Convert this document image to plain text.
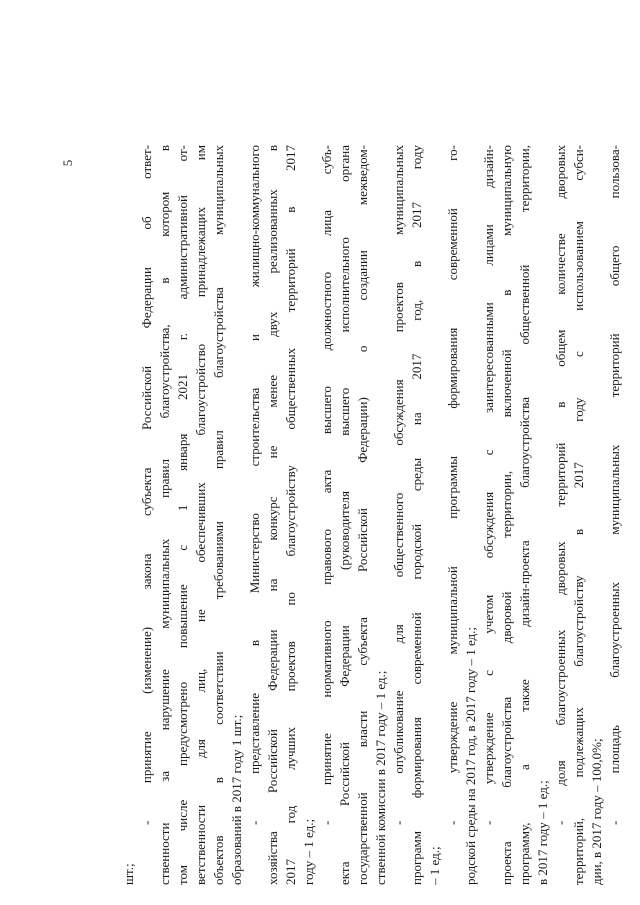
5
шт.;
- принятие (изменение) закона субъекта Российской Федерации об ответ- ственности за нарушение муниципальных правил благоустройства, в котором в том числе предусмотрено повышение с 1 января 2021 г. административной от- ветственности для лиц, не обеспечивших благоустройство принадлежащих им объектов в соответствии требованиями правил благоустройства муниципальных образований в 2017 году 1 шт.; - представление в Министерство строительства и жилищно-коммунального хозяйства Российской Федерации на конкурс не менее двух реализованных в 2017 год лучших проектов по благоустройству общественных территорий в 2017 году – 1 ед.;
- принятие нормативного правового акта высшего должностного лица субъ- екта Российской Федерации (руководителя высшего исполнительного органа государственной власти субъекта Российской Федерации) о создании межведом- ственной комиссии в 2017 году – 1 ед.; - опубликование для общественного обсуждения проектов муниципальных программ формирования современной городской среды на 2017 год, в 2017 году – 1 ед.;
- утверждение муниципальной программы формирования современной го- родской среды на 2017 год, в 2017 году – 1 ед.; - утверждение с учетом обсуждения с заинтересованными лицами дизайн- проекта благоустройства дворовой территории, включенной в муниципальную программу, а также дизайн-проекта благоустройства общественной территории, в 2017 году – 1 ед.;
- доля благоустроенных дворовых территорий в общем количестве дворовых территорий, подлежащих благоустройству в 2017 году с использованием субси- дии, в 2017 году – 100,0%; - площадь благоустроенных муниципальных территорий общего пользова-
